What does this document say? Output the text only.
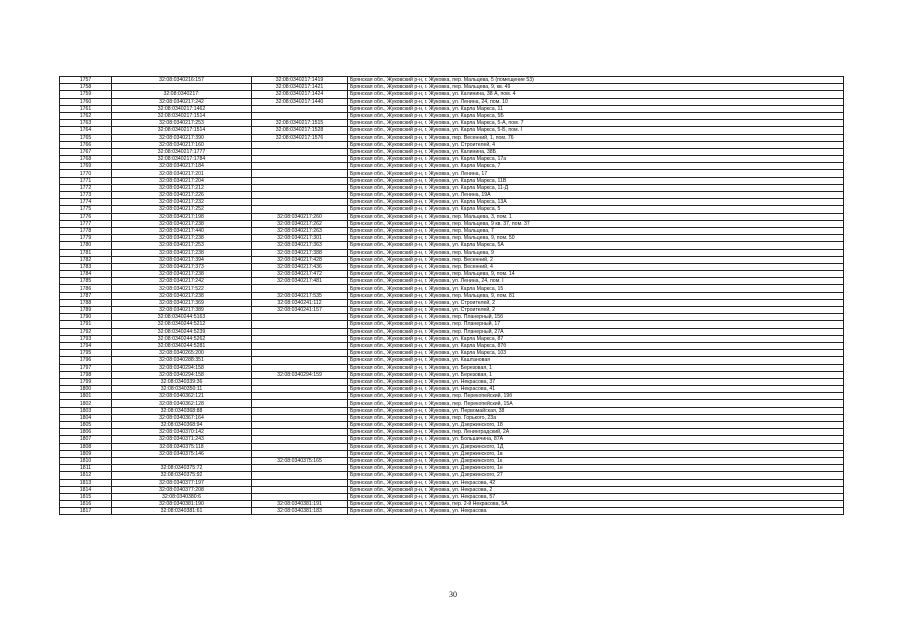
1757	32:08:0340216:157	32:08:0340217:1419	Брянская обл., Жуковский р-н, г. Жуковка, пер. Мальцева, 5 (помещение 53)
1758		32:08:0340217:1421	Брянская обл., Жуковский р-н, г. Жуковка, пер. Мальцева, 9, кв. 49
1759	32:08:0340217:	32:08:0340217:1424	Брянская обл., Жуковский р-н, г. Жуковка, ул. Калинина, 38 А, пом. 4
1760	32:08:0340217:242	32:08:0340217:1440	Брянская обл., Жуковский р-н, г. Жуковка, ул. Ленина, 24, пом. 10
1761	32:08:0340217:1462		Брянская обл., Жуковский р-н, г. Жуковка, ул. Карла Маркса, 11
1762	32:08:0340217:1514		Брянская обл., Жуковский р-н, г. Жуковка, ул. Карла Маркса, 5Б
1763	32:08:0340217:253	32:08:0340217:1515	Брянская обл., Жуковский р-н, г. Жуковка, ул. Карла Маркса, 5-А, пом. 7
1764	32:08:0340217:1514	32:08:0340217:1528	Брянская обл., Жуковский р-н, г. Жуковка, ул. Карла Маркса, 5-Б, пом. I
1765	32:08:0340217:390	32:08:0340217:1576	Брянская обл., Жуковский р-н, г. Жуковка, пер. Весенний, 1, пом. 76
1766	32:08:0340217:160		Брянская обл., Жуковский р-н, г. Жуковка, ул. Строителей, 4
1767	32:08:0340217:1777		Брянская обл., Жуковский р-н, г. Жуковка, ул. Калинина, 38Б
1768	32:08:0340217:1784		Брянская обл., Жуковский р-н, г. Жуковка, ул. Карла Маркса, 17а
1769	32:08:0340217:184		Брянская обл., Жуковский р-н, г. Жуковка, ул. Карла Маркса, 7
1770	32:08:0340217:201		Брянская обл., Жуковский р-н, г. Жуковка, ул. Ленина, 17
1771	32:08:0340217:204		Брянская обл., Жуковский р-н, г. Жуковка, ул. Карла Маркса, 11В
1772	32:08:0340217:212		Брянская обл., Жуковский р-н, г. Жуковка, ул. Карла Маркса, 11-Д
1773	32:08:0340217:226		Брянская обл., Жуковский р-н, г. Жуковка, ул. Ленина, 19А
1774	32:08:0340217:232		Брянская обл., Жуковский р-н, г. Жуковка, ул. Карла Маркса, 13А
1775	32:08:0340217:252		Брянская обл., Жуковский р-н, г. Жуковка, ул. Карла Маркса, 5
1776	32:08:0340217:198	32:08:0340217:260	Брянская обл., Жуковский р-н, г. Жуковка, пер. Мальцева, 3, пом. 1
1777	32:08:0340217:238	32:08:0340217:262	Брянская обл., Жуковский р-н, г. Жуковка, пер. Мальцева, 9 кв. 37, пом. 37
1778	32:08:0340217:440	32:08:0340217:263	Брянская обл., Жуковский р-н, г. Жуковка, пер. Мальцева, 7
1779	32:08:0340217:238	32:08:0340217:301	Брянская обл., Жуковский р-н, г. Жуковка, пер. Мальцева, 9, пом. 50
1780	32:08:0340217:253	32:08:0340217:363	Брянская обл., Жуковский р-н, г. Жуковка, ул. Карла Маркса, 5А
1781	32:08:0340217:238	32:08:0340217:388	Брянская обл., Жуковский р-н, г. Жуковка, пер. Мальцева, 9
1782	32:08:0340217:394	32:08:0340217:428	Брянская обл., Жуковский р-н, г. Жуковка, пер. Весенний, 2
1783	32:08:0340217:373	32:08:0340217:436	Брянская обл., Жуковский р-н, г. Жуковка, пер. Весенний, 4
1784	32:08:0340217:238	32:08:0340217:472	Брянская обл., Жуковский р-н, г. Жуковка, пер. Мальцева, 9, пом. 14
1785	32:08:0340217:242	32:08:0340217:481	Брянская обл., Жуковский р-н, г. Жуковка, ул. Ленина, 24, пом. I
1786	32:08:0340217:522		Брянская обл., Жуковский р-н, г. Жуковка, ул. Карла Маркса, 15
1787	32:08:0340217:238	32:08:0340217:535	Брянская обл., Жуковский р-н, г. Жуковка, пер. Мальцева, 9, пом. 81
1788	32:08:0340217:369	32:08:0340241:112	Брянская обл., Жуковский р-н, г. Жуковка, ул. Строителей, 2
1789	32:08:0340217:389	32:08:0340241:157	Брянская обл., Жуковский р-н, г. Жуковка, ул. Строителей, 2
1790	32:08:0340244:5163		Брянская обл., Жуковский р-н, г. Жуковка, пер. Планерный, 15б
1791	32:08:0340244:5212		Брянская обл., Жуковский р-н, г. Жуковка, пер. Планерный, 17
1792	32:08:0340244:5239		Брянская обл., Жуковский р-н, г. Жуковка, пер. Планерный, 27А
1793	32:08:0340244:5262		Брянская обл., Жуковский р-н, г. Жуковка, ул. Карла Маркса, 87
1794	32:08:0340244:5281		Брянская обл., Жуковский р-н, г. Жуковка, ул. Карла Маркса, 87б
1795	32:08:0340265:200		Брянская обл., Жуковский р-н, г. Жуковка, ул. Карла Маркса, 103
1796	32:08:0340288:351		Брянская обл., Жуковский р-н, г. Жуковка, ул. Каштановая
1797	32:08:0340294:158		Брянская обл., Жуковский р-н, г. Жуковка, ул. Березовая, 1
1798	32:08:0340294:158	32:08:0340294:159	Брянская обл., Жуковский р-н, г. Жуковка, ул. Березовая, 1
1799	32:08:0340339:36		Брянская обл., Жуковский р-н, г. Жуковка, ул. Некрасова, 37
1800	32:08:0340350:11		Брянская обл., Жуковский р-н, г. Жуковка, ул. Некрасова, 41
1801	32:08:0340362:121		Брянская обл., Жуковский р-н, г. Жуковка, пер. Перекопейский, 19б
1802	32:08:0340362:128		Брянская обл., Жуковский р-н, г. Жуковка, пер. Перекопейский, 15А
1803	32:08:0340368:88		Брянская обл., Жуковский р-н, г. Жуковка, ул. Первомайская, 38
1804	32:08:0340367:164		Брянская обл., Жуковский р-н, г. Жуковка, пер. Горького, 23а
1805	32:08:0340368:94		Брянская обл., Жуковский р-н, г. Жуковка, ул. Дзержинского, 18
1806	32:08:0340370:142		Брянская обл., Жуковский р-н, г. Жуковка, пер. Ленинградский, 2А
1807	32:08:0340371:243		Брянская обл., Жуковский р-н, г. Жуковка, ул. Большичина, 87А
1808	32:08:0340375:118		Брянская обл., Жуковский р-н, г. Жуковка, ул. Дзержинского, 1Д
1809	32:08:0340375:146		Брянская обл., Жуковский р-н, г. Жуковка, ул. Дзержинского, 1в
1810		32:08:0340375:165	Брянская обл., Жуковский р-н, г. Жуковка, ул. Дзержинского, 1к
1811	32:08:0340375:72		Брянская обл., Жуковский р-н, г. Жуковка, ул. Дзержинского, 1е
1812	32:08:0340375:92		Брянская обл., Жуковский р-н, г. Жуковка, ул. Дзержинского, 27
1813	32:08:0340377:197		Брянская обл., Жуковский р-н, г. Жуковка, ул. Некрасова, 42
1814	32:08:0340377:208		Брянская обл., Жуковский р-н, г. Жуковка, ул. Некрасова, 2
1815	32:08:0340380:6		Брянская обл., Жуковский р-н, г. Жуковка, ул. Некрасова, 57
1816	32:08:0340381:190	32:08:0340381:191	Брянская обл., Жуковский р-н, г. Жуковка, пер. 2-й Некрасова, 5А
1817	32:08:0340381:61	32:08:0340381:183	Брянская обл., Жуковский р-н, г. Жуковка, ул. Некрасова
30
